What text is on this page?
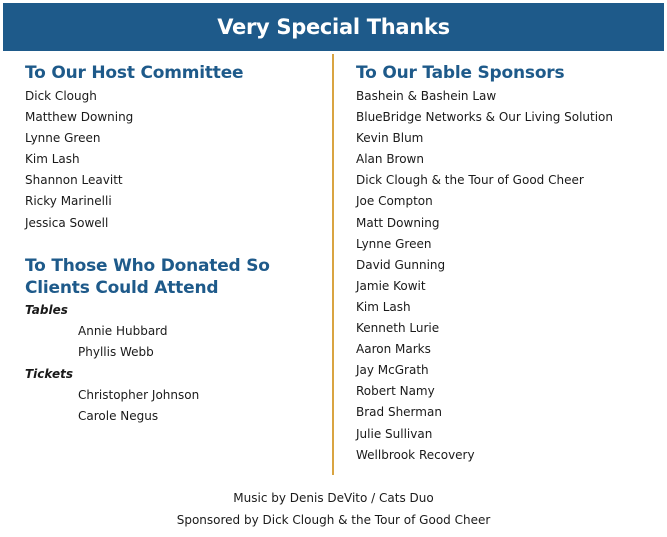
Very Special Thanks
To Our Host Committee
Dick Clough
Matthew Downing
Lynne Green
Kim Lash
Shannon Leavitt
Ricky Marinelli
Jessica Sowell
To Those Who Donated So
Clients Could Attend
Tables
Annie Hubbard
Phyllis Webb
Tickets
Christopher Johnson
Carole Negus
To Our Table Sponsors
Bashein & Bashein Law
BlueBridge Networks & Our Living Solution
Kevin Blum
Alan Brown
Dick Clough & the Tour of Good Cheer
Joe Compton
Matt Downing
Lynne Green
David Gunning
Jamie Kowit
Kim Lash
Kenneth Lurie
Aaron Marks
Jay McGrath
Robert Namy
Brad Sherman
Julie Sullivan
Wellbrook Recovery
Music by Denis DeVito / Cats Duo
Sponsored by Dick Clough & the Tour of Good Cheer
